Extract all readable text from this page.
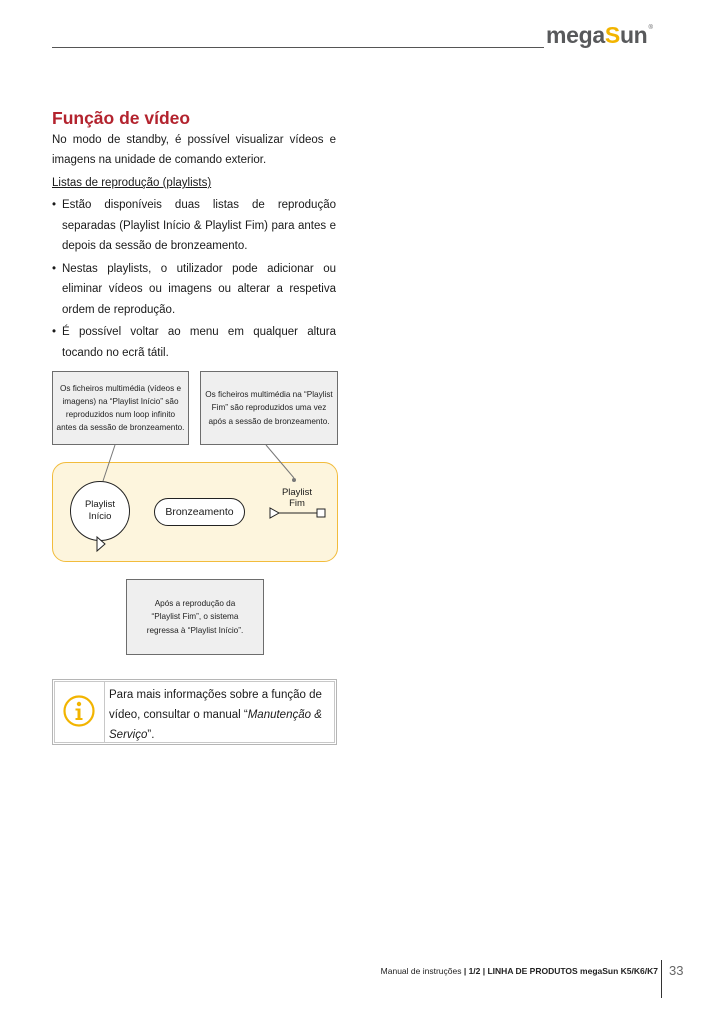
megaSun®
Função de vídeo

No modo de standby, é possível visualizar vídeos e imagens na unidade de comando exterior.

Listas de reprodução (playlists)

• Estão disponíveis duas listas de reprodução separadas (Playlist Início & Playlist Fim) para antes e depois da sessão de bronzeamento.
• Nestas playlists, o utilizador pode adicionar ou eliminar vídeos ou imagens ou alterar a respetiva ordem de reprodução.
• É possível voltar ao menu em qualquer altura tocando no ecrã tátil.
Os ficheiros multimédia (vídeos e imagens) na “Playlist Início” são reproduzidos num loop infinito antes da sessão de bronzeamento.
Os ficheiros multimédia na “Playlist Fim” são reproduzidos uma vez após a sessão de bronzeamento.
Playlist
Início	Bronzeamento
Playlist
Fim
Após a reprodução da “Playlist Fim”, o sistema regressa à “Playlist Início”.
Para mais informações sobre a função de vídeo, consultar o manual “Manutenção & Serviço”.
Manual de instruções | 1/2 | LINHA DE PRODUTOS megaSun K5/K6/K7 33
